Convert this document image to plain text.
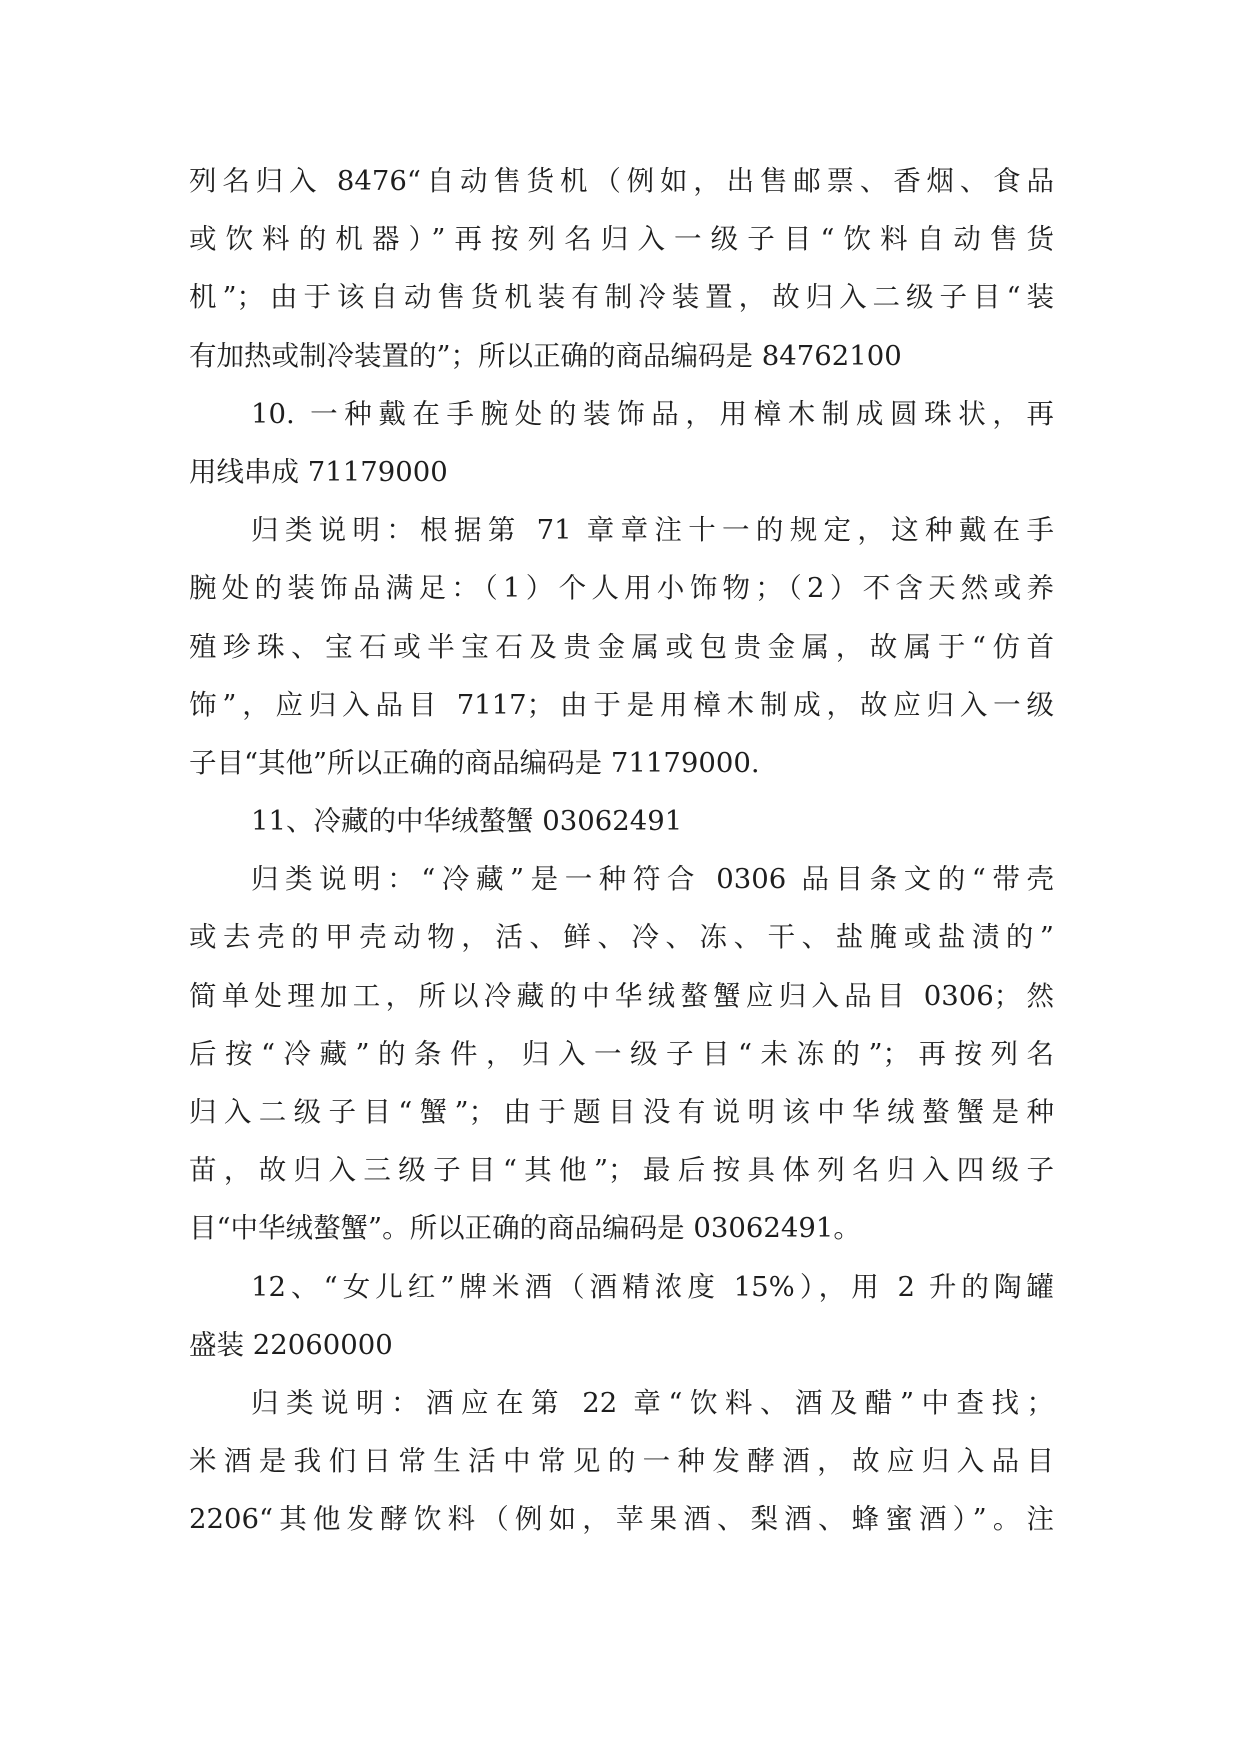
列名归入 8476“自动售货机（例如，出售邮票、香烟、食品
或饮料的机器）”再按列名归入一级子目“饮料自动售货
机”；由于该自动售货机装有制冷装置，故归入二级子目“装
有加热或制冷装置的”；所以正确的商品编码是 84762100
10. 一种戴在手腕处的装饰品，用樟木制成圆珠状，再
用线串成 71179000
归类说明：根据第 71 章章注十一的规定，这种戴在手
腕处的装饰品满足：（1）个人用小饰物；（2）不含天然或养
殖珍珠、宝石或半宝石及贵金属或包贵金属，故属于“仿首
饰”，应归入品目 7117；由于是用樟木制成，故应归入一级
子目“其他”所以正确的商品编码是 71179000.
11、冷藏的中华绒螯蟹 03062491
归类说明：“冷藏”是一种符合 0306 品目条文的“带壳
或去壳的甲壳动物，活、鲜、冷、冻、干、盐腌或盐渍的”
简单处理加工，所以冷藏的中华绒螯蟹应归入品目 0306；然
后按“冷藏”的条件，归入一级子目“未冻的”；再按列名
归入二级子目“蟹”；由于题目没有说明该中华绒螯蟹是种
苗，故归入三级子目“其他”；最后按具体列名归入四级子
目“中华绒螯蟹”。所以正确的商品编码是 03062491。
12、“女儿红”牌米酒（酒精浓度 15%），用 2 升的陶罐
盛装 22060000
归类说明：酒应在第 22 章“饮料、酒及醋”中查找；
米酒是我们日常生活中常见的一种发酵酒，故应归入品目
2206“其他发酵饮料（例如，苹果酒、梨酒、蜂蜜酒）”。注
